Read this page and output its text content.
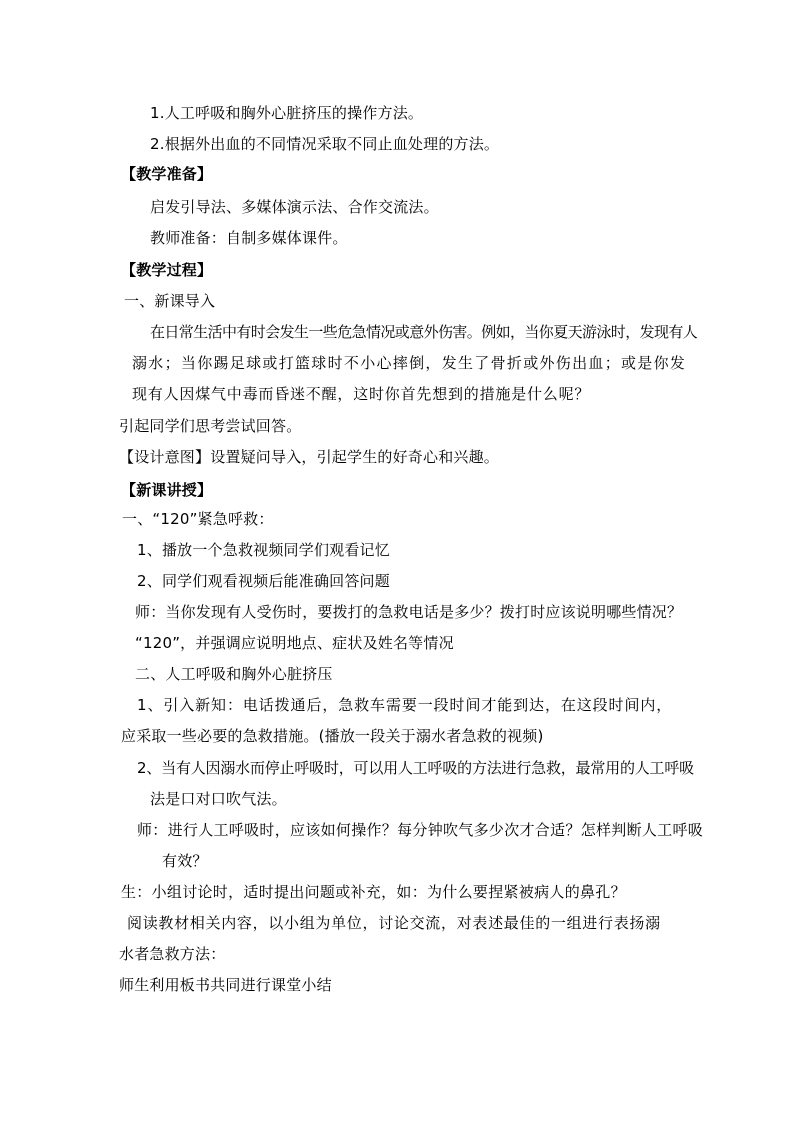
1.人工呼吸和胸外心脏挤压的操作方法。
2.根据外出血的不同情况采取不同止血处理的方法。
【教学准备】
启发引导法、多媒体演示法、合作交流法。
教师准备：自制多媒体课件。
【教学过程】
一、新课导入
在日常生活中有时会发生一些危急情况或意外伤害。例如，当你夏天游泳时，发现有人
溺水；当你踢足球或打篮球时不小心摔倒，发生了骨折或外伤出血；或是你发
现有人因煤气中毒而昏迷不醒，这时你首先想到的措施是什么呢？
引起同学们思考尝试回答。
【设计意图】设置疑问导入，引起学生的好奇心和兴趣。
【新课讲授】
一、“120”紧急呼救：
1、播放一个急救视频同学们观看记忆
2、同学们观看视频后能准确回答问题
师：当你发现有人受伤时，要拨打的急救电话是多少？拨打时应该说明哪些情况？
“120”，并强调应说明地点、症状及姓名等情况
二、人工呼吸和胸外心脏挤压
1、引入新知：电话拨通后，急救车需要一段时间才能到达，在这段时间内，
应采取一些必要的急救措施。(播放一段关于溺水者急救的视频)
2、当有人因溺水而停止呼吸时，可以用人工呼吸的方法进行急救，最常用的人工呼吸
法是口对口吹气法。
师：进行人工呼吸时，应该如何操作？每分钟吹气多少次才合适？怎样判断人工呼吸
有效？
生：小组讨论时，适时提出问题或补充，如：为什么要捏紧被病人的鼻孔？
阅读教材相关内容，以小组为单位，讨论交流，对表述最佳的一组进行表扬溺
水者急救方法：
师生利用板书共同进行课堂小结
